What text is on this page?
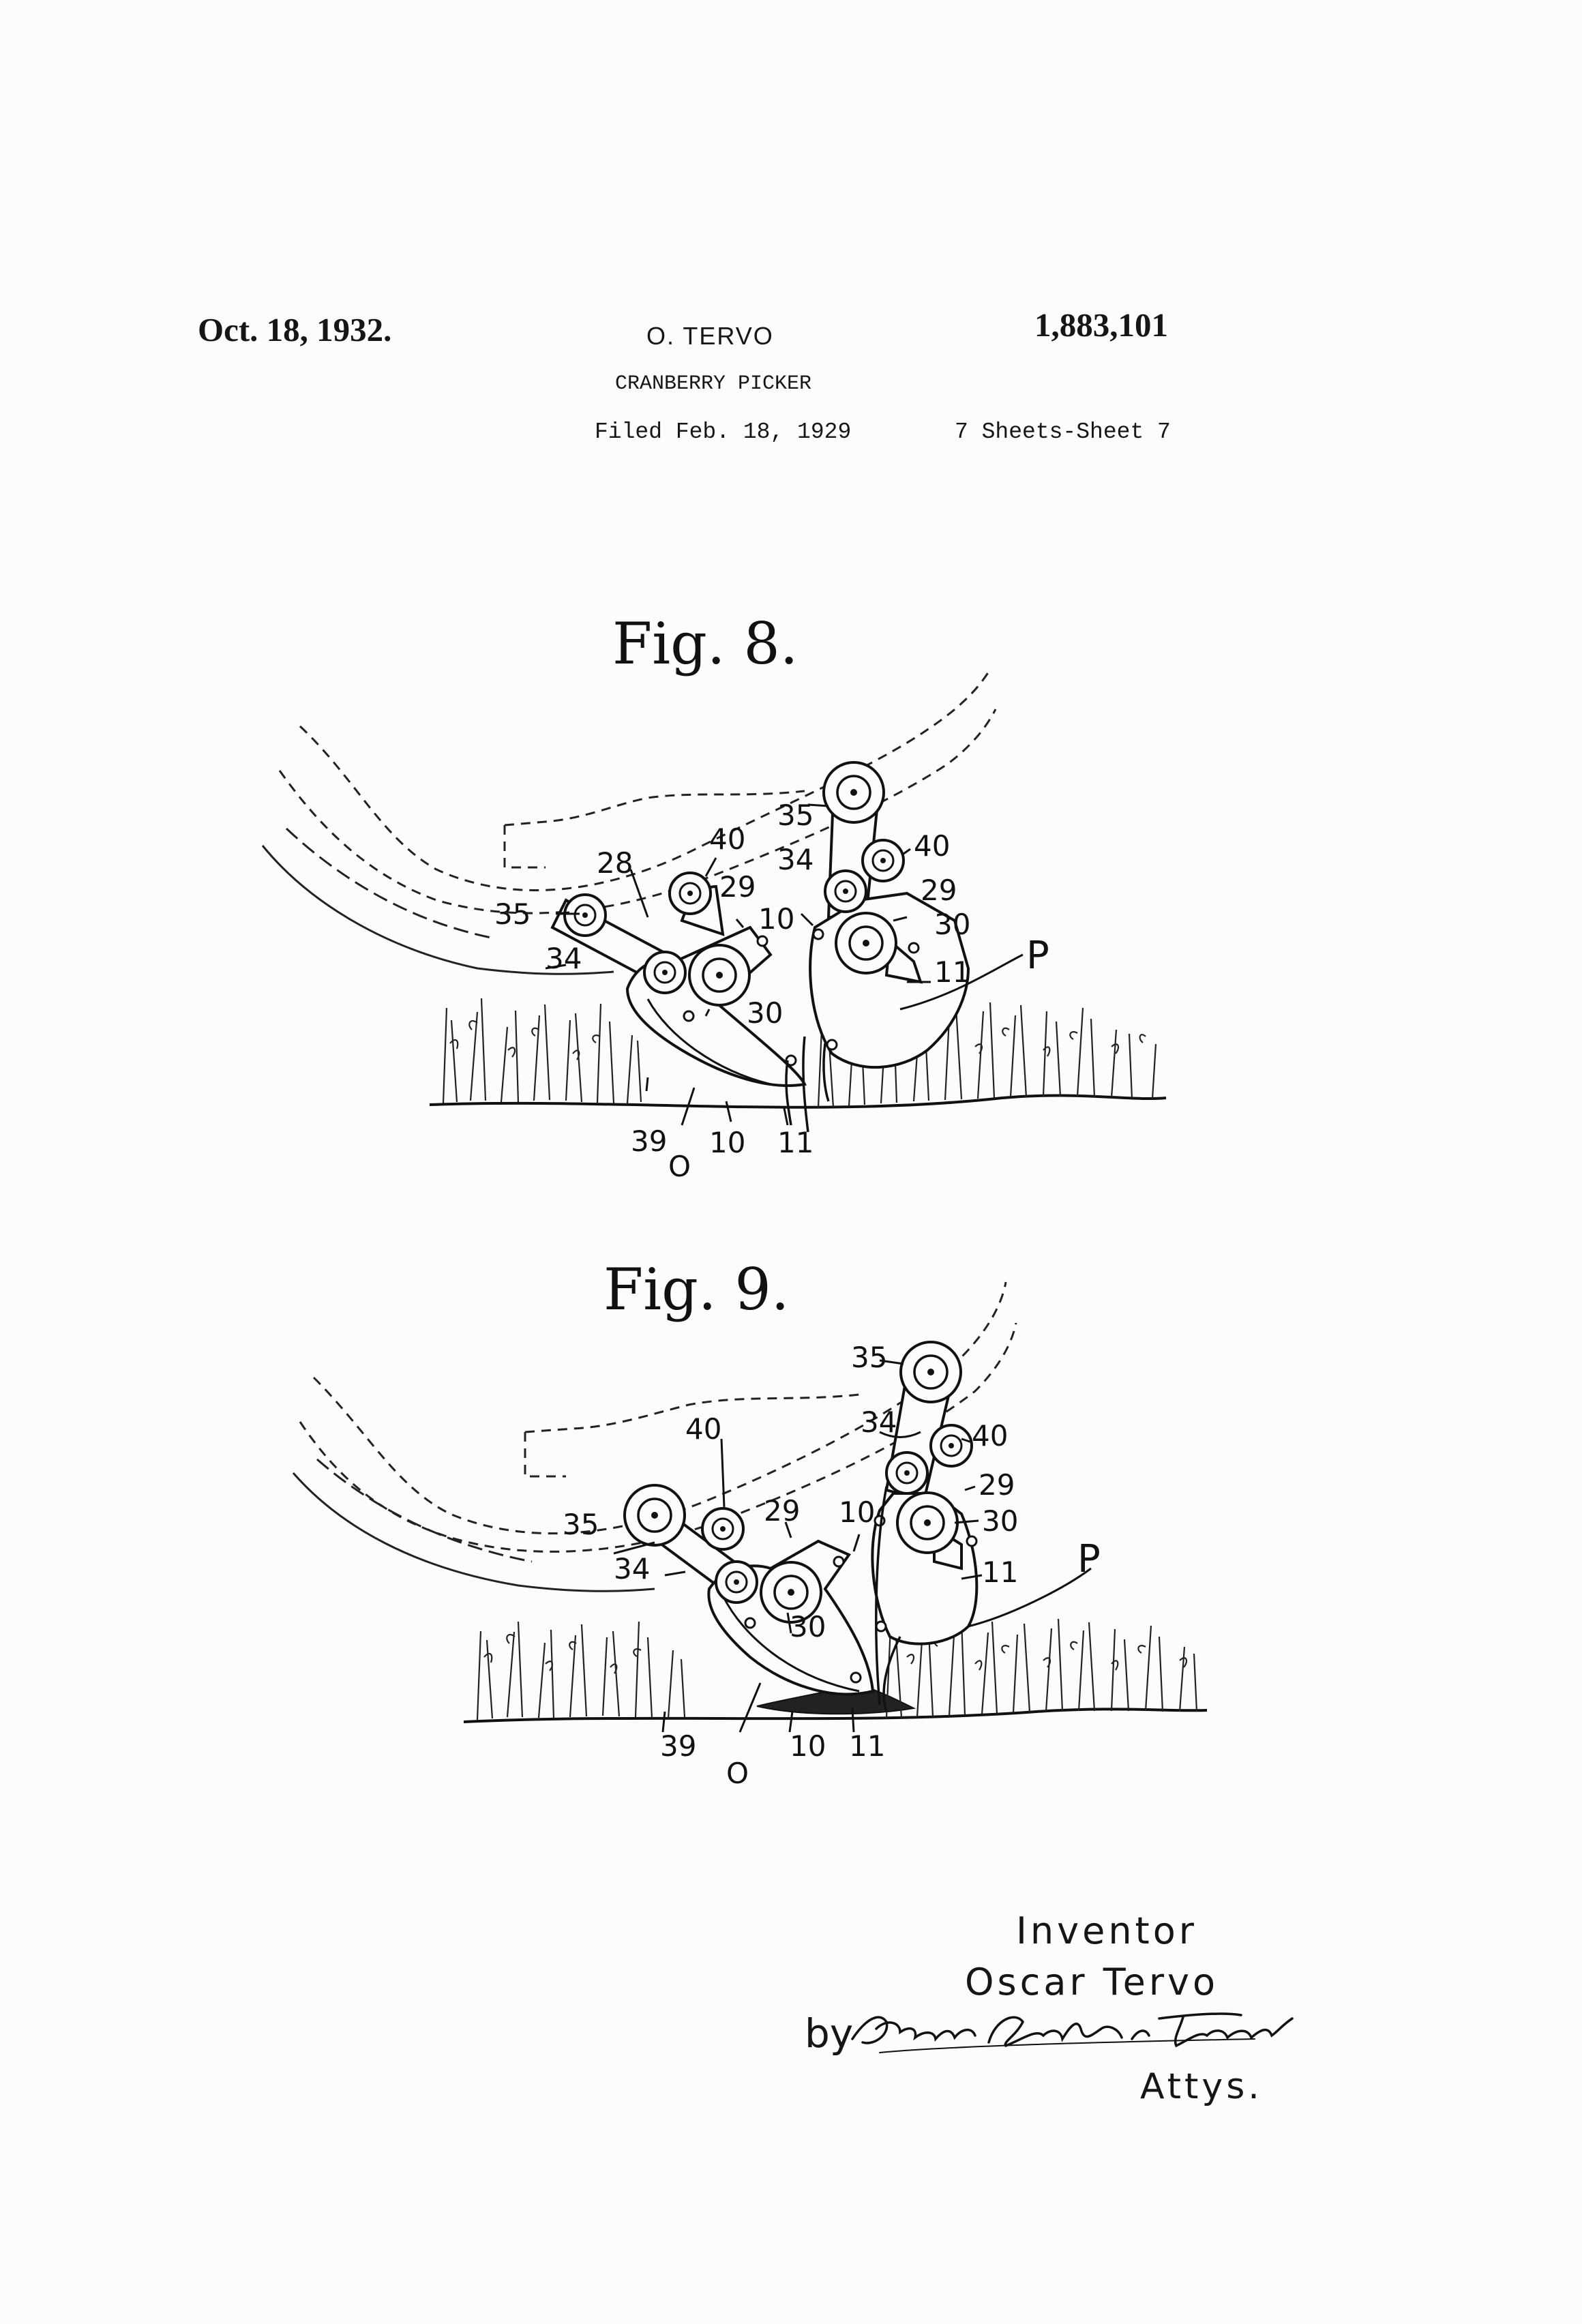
Oct. 18, 1932.	O. TERVO	1,883,101
CRANBERRY PICKER
Filed Feb. 18, 1929	7 Sheets-Sheet 7
Fig. 8.
35
40
28	34	40
29
35
29
10	30
34
30
11 P
39
O
10 11
Fig. 9.
35
34
40	40
29
29
10
35	30
34
30
11 P
39
O
10 11
Inventor
Oscar Tervo
by
Attys.
